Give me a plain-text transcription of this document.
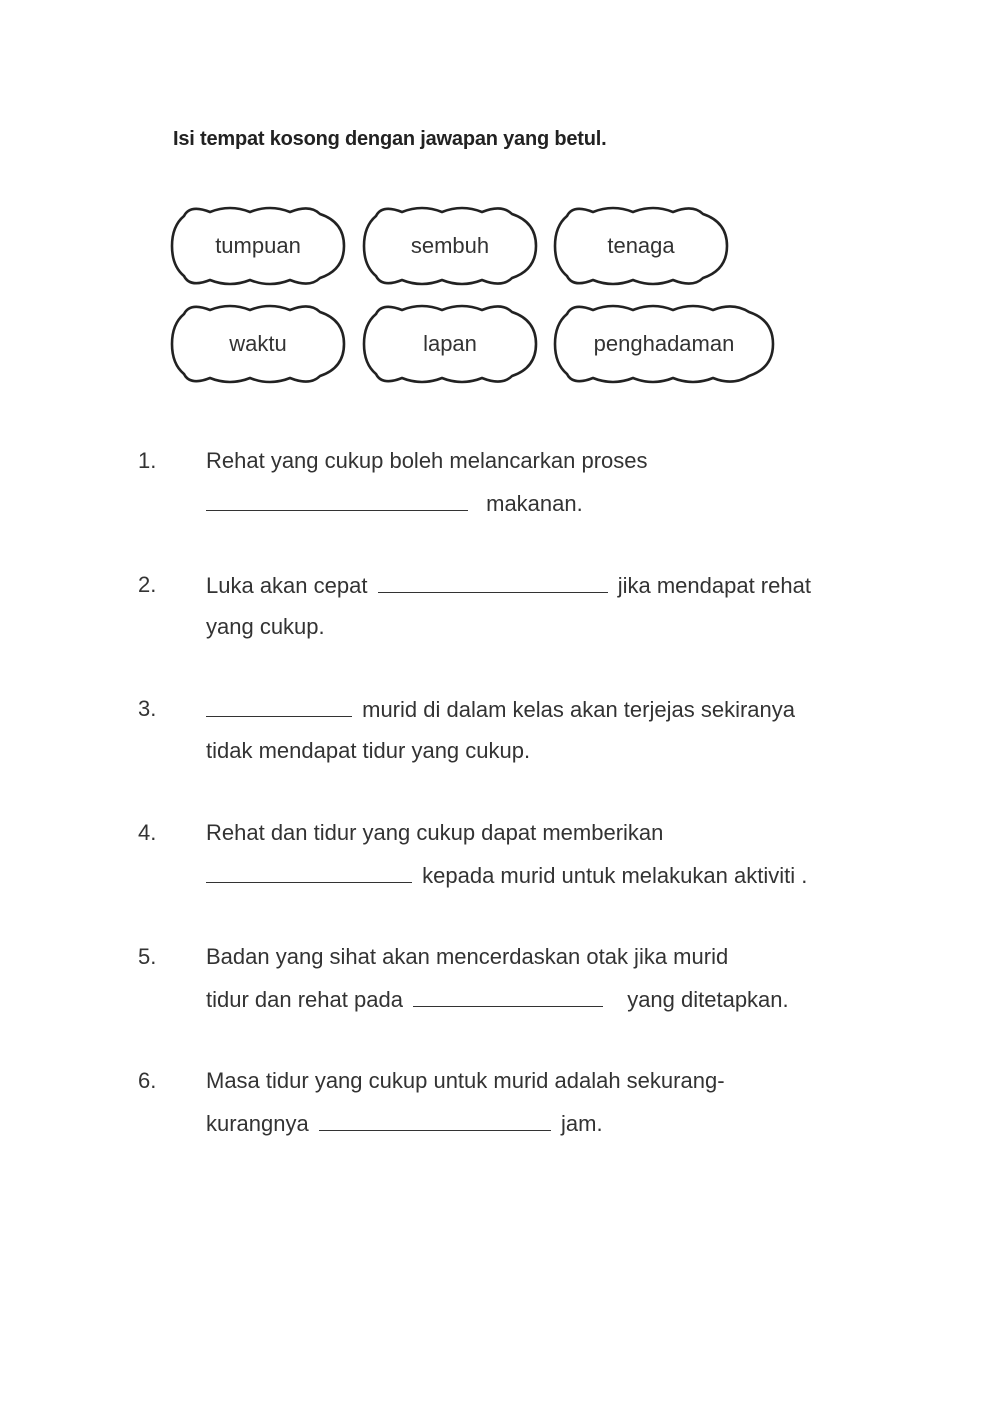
Isi tempat kosong dengan jawapan yang betul.
tumpuan	sembuh	tenaga
waktu	lapan	penghadaman
1. Rehat yang cukup boleh melancarkan proses
makanan.
2. Luka akan cepat	jika mendapat rehat
yang cukup.
3.	murid di dalam kelas akan terjejas sekiranya
tidak mendapat tidur yang cukup.
4. Rehat dan tidur yang cukup dapat memberikan
kepada murid untuk melakukan aktiviti .
5. Badan yang sihat akan mencerdaskan otak jika murid
tidur dan rehat pada	yang ditetapkan.
6. Masa tidur yang cukup untuk murid adalah sekurang-
kurangnya	jam.
